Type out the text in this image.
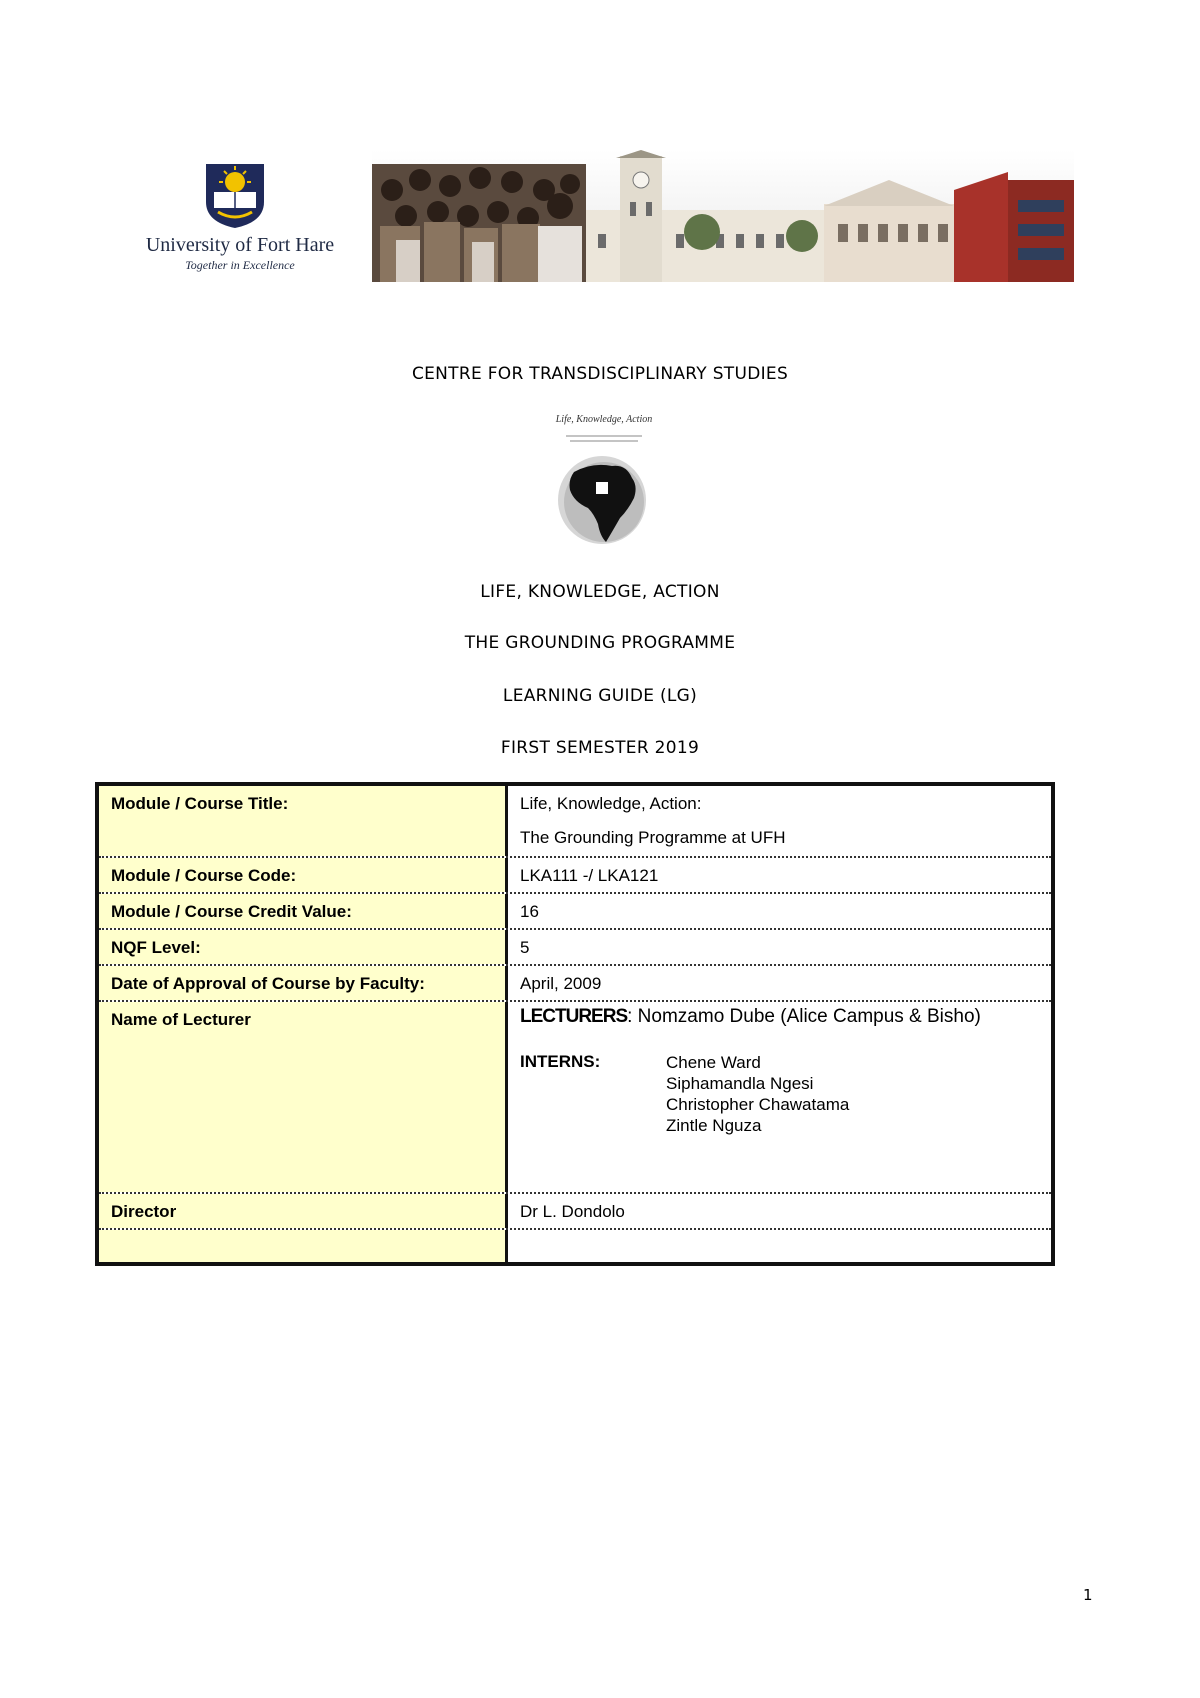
University of Fort Hare
Together in Excellence
CENTRE FOR TRANSDISCIPLINARY STUDIES
Life, Knowledge, Action
LIFE, KNOWLEDGE, ACTION
THE GROUNDING PROGRAMME
LEARNING GUIDE (LG)
FIRST SEMESTER 2019
Module / Course Title:	Life, Knowledge, Action:
The Grounding Programme at UFH
Module / Course Code:	LKA111 -/ LKA121
Module / Course Credit Value:	16
NQF Level:	5
Date of Approval of Course by Faculty:	April, 2009
Name of Lecturer	LECTURERS: Nomzamo Dube (Alice Campus & Bisho)
INTERNS:	Chene Ward
Siphamandla Ngesi
Christopher Chawatama
Zintle Nguza
Director	Dr L. Dondolo
1
